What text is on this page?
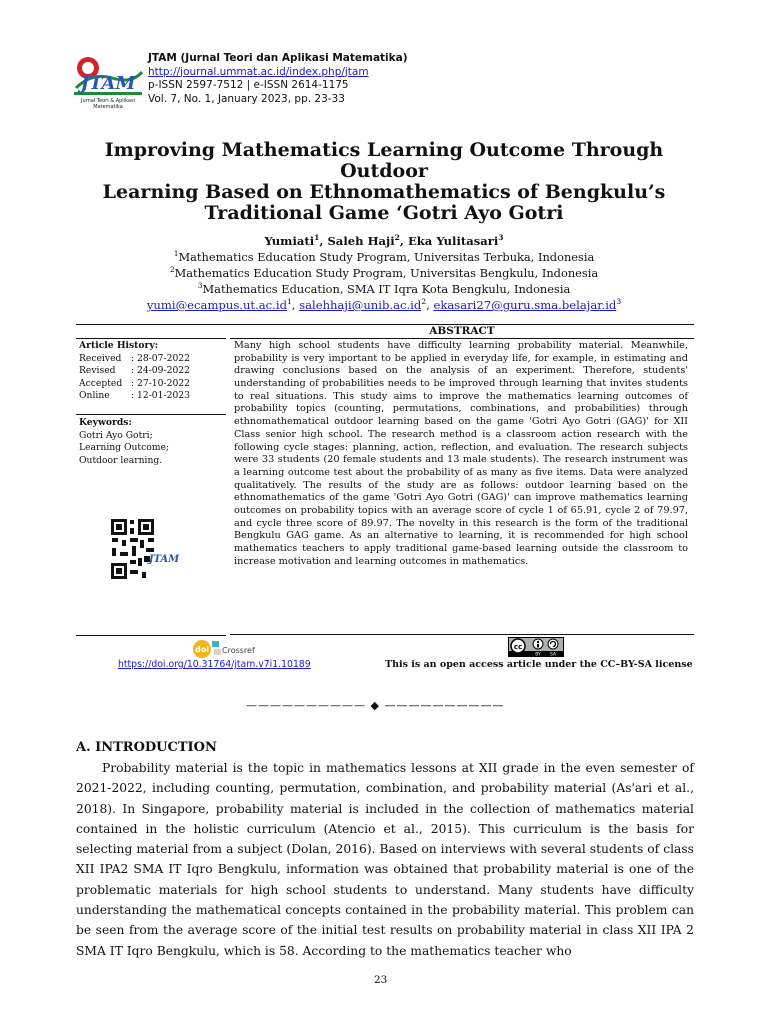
JTAM
Jurnal Teori & Aplikasi
Matematika
JTAM (Jurnal Teori dan Aplikasi Matematika)
http://journal.ummat.ac.id/index.php/jtam
p-ISSN 2597-7512 | e-ISSN 2614-1175
Vol. 7, No. 1, January 2023, pp. 23-33
Improving Mathematics Learning Outcome Through Outdoor
Learning Based on Ethnomathematics of Bengkulu’s
Traditional Game ‘Gotri Ayo Gotri
Yumiati$^1$, Saleh Haji$^2$, Eka Yulitasari$^3$
$^1$Mathematics Education Study Program, Universitas Terbuka, Indonesia
$^2$Mathematics Education Study Program, Universitas Bengkulu, Indonesia
$^3$Mathematics Education, SMA IT Iqra Kota Bengkulu, Indonesia
$yumi@ecampus.ut.ac.id^1$, $salehhaji@unib.ac.id^2$, $ekasari27@guru.sma.belajar.id^3$
ABSTRACT
Article History:
Received	: 28-07-2022
Revised	: 24-09-2022
Accepted	: 27-10-2022
Online	: 12-01-2023
Keywords:
Gotri Ayo Gotri;
Learning Outcome;
Outdoor learning.
JTAM
Many high school students have difficulty learning probability material. Meanwhile, probability is very important to be applied in everyday life, for example, in estimating and drawing conclusions based on the analysis of an experiment. Therefore, students' understanding of probabilities needs to be improved through learning that invites students to real situations. This study aims to improve the mathematics learning outcomes of probability topics (counting, permutations, combinations, and probabilities) through ethnomathematical outdoor learning based on the game 'Gotri Ayo Gotri (GAG)' for XII Class senior high school. The research method is a classroom action research with the following cycle stages: planning, action, reflection, and evaluation. The research subjects were 33 students (20 female students and 13 male students). The research instrument was a learning outcome test about the probability of as many as five items. Data were analyzed qualitatively. The results of the study are as follows: outdoor learning based on the ethnomathematics of the game 'Gotri Ayo Gotri (GAG)' can improve mathematics learning outcomes on probability topics with an average score of cycle 1 of 65.91, cycle 2 of 79.97, and cycle three score of 89.97. The novelty in this research is the form of the traditional Bengkulu GAG game. As an alternative to learning, it is recommended for high school mathematics teachers to apply traditional game-based learning outside the classroom to increase motivation and learning outcomes in mathematics.
doi Crossref
https://doi.org/10.31764/jtam.v7i1.10189
cc
BY SA
This is an open access article under the CC–BY-SA license
—————————— ◆ ——————————
A. INTRODUCTION
Probability material is the topic in mathematics lessons at XII grade in the even semester of 2021-2022, including counting, permutation, combination, and probability material (As'ari et al., 2018). In Singapore, probability material is included in the collection of mathematics material contained in the holistic curriculum (Atencio et al., 2015). This curriculum is the basis for selecting material from a subject (Dolan, 2016). Based on interviews with several students of class XII IPA2 SMA IT Iqro Bengkulu, information was obtained that probability material is one of the problematic materials for high school students to understand. Many students have difficulty understanding the mathematical concepts contained in the probability material. This problem can be seen from the average score of the initial test results on probability material in class XII IPA 2 SMA IT Iqro Bengkulu, which is 58. According to the mathematics teacher who
23
